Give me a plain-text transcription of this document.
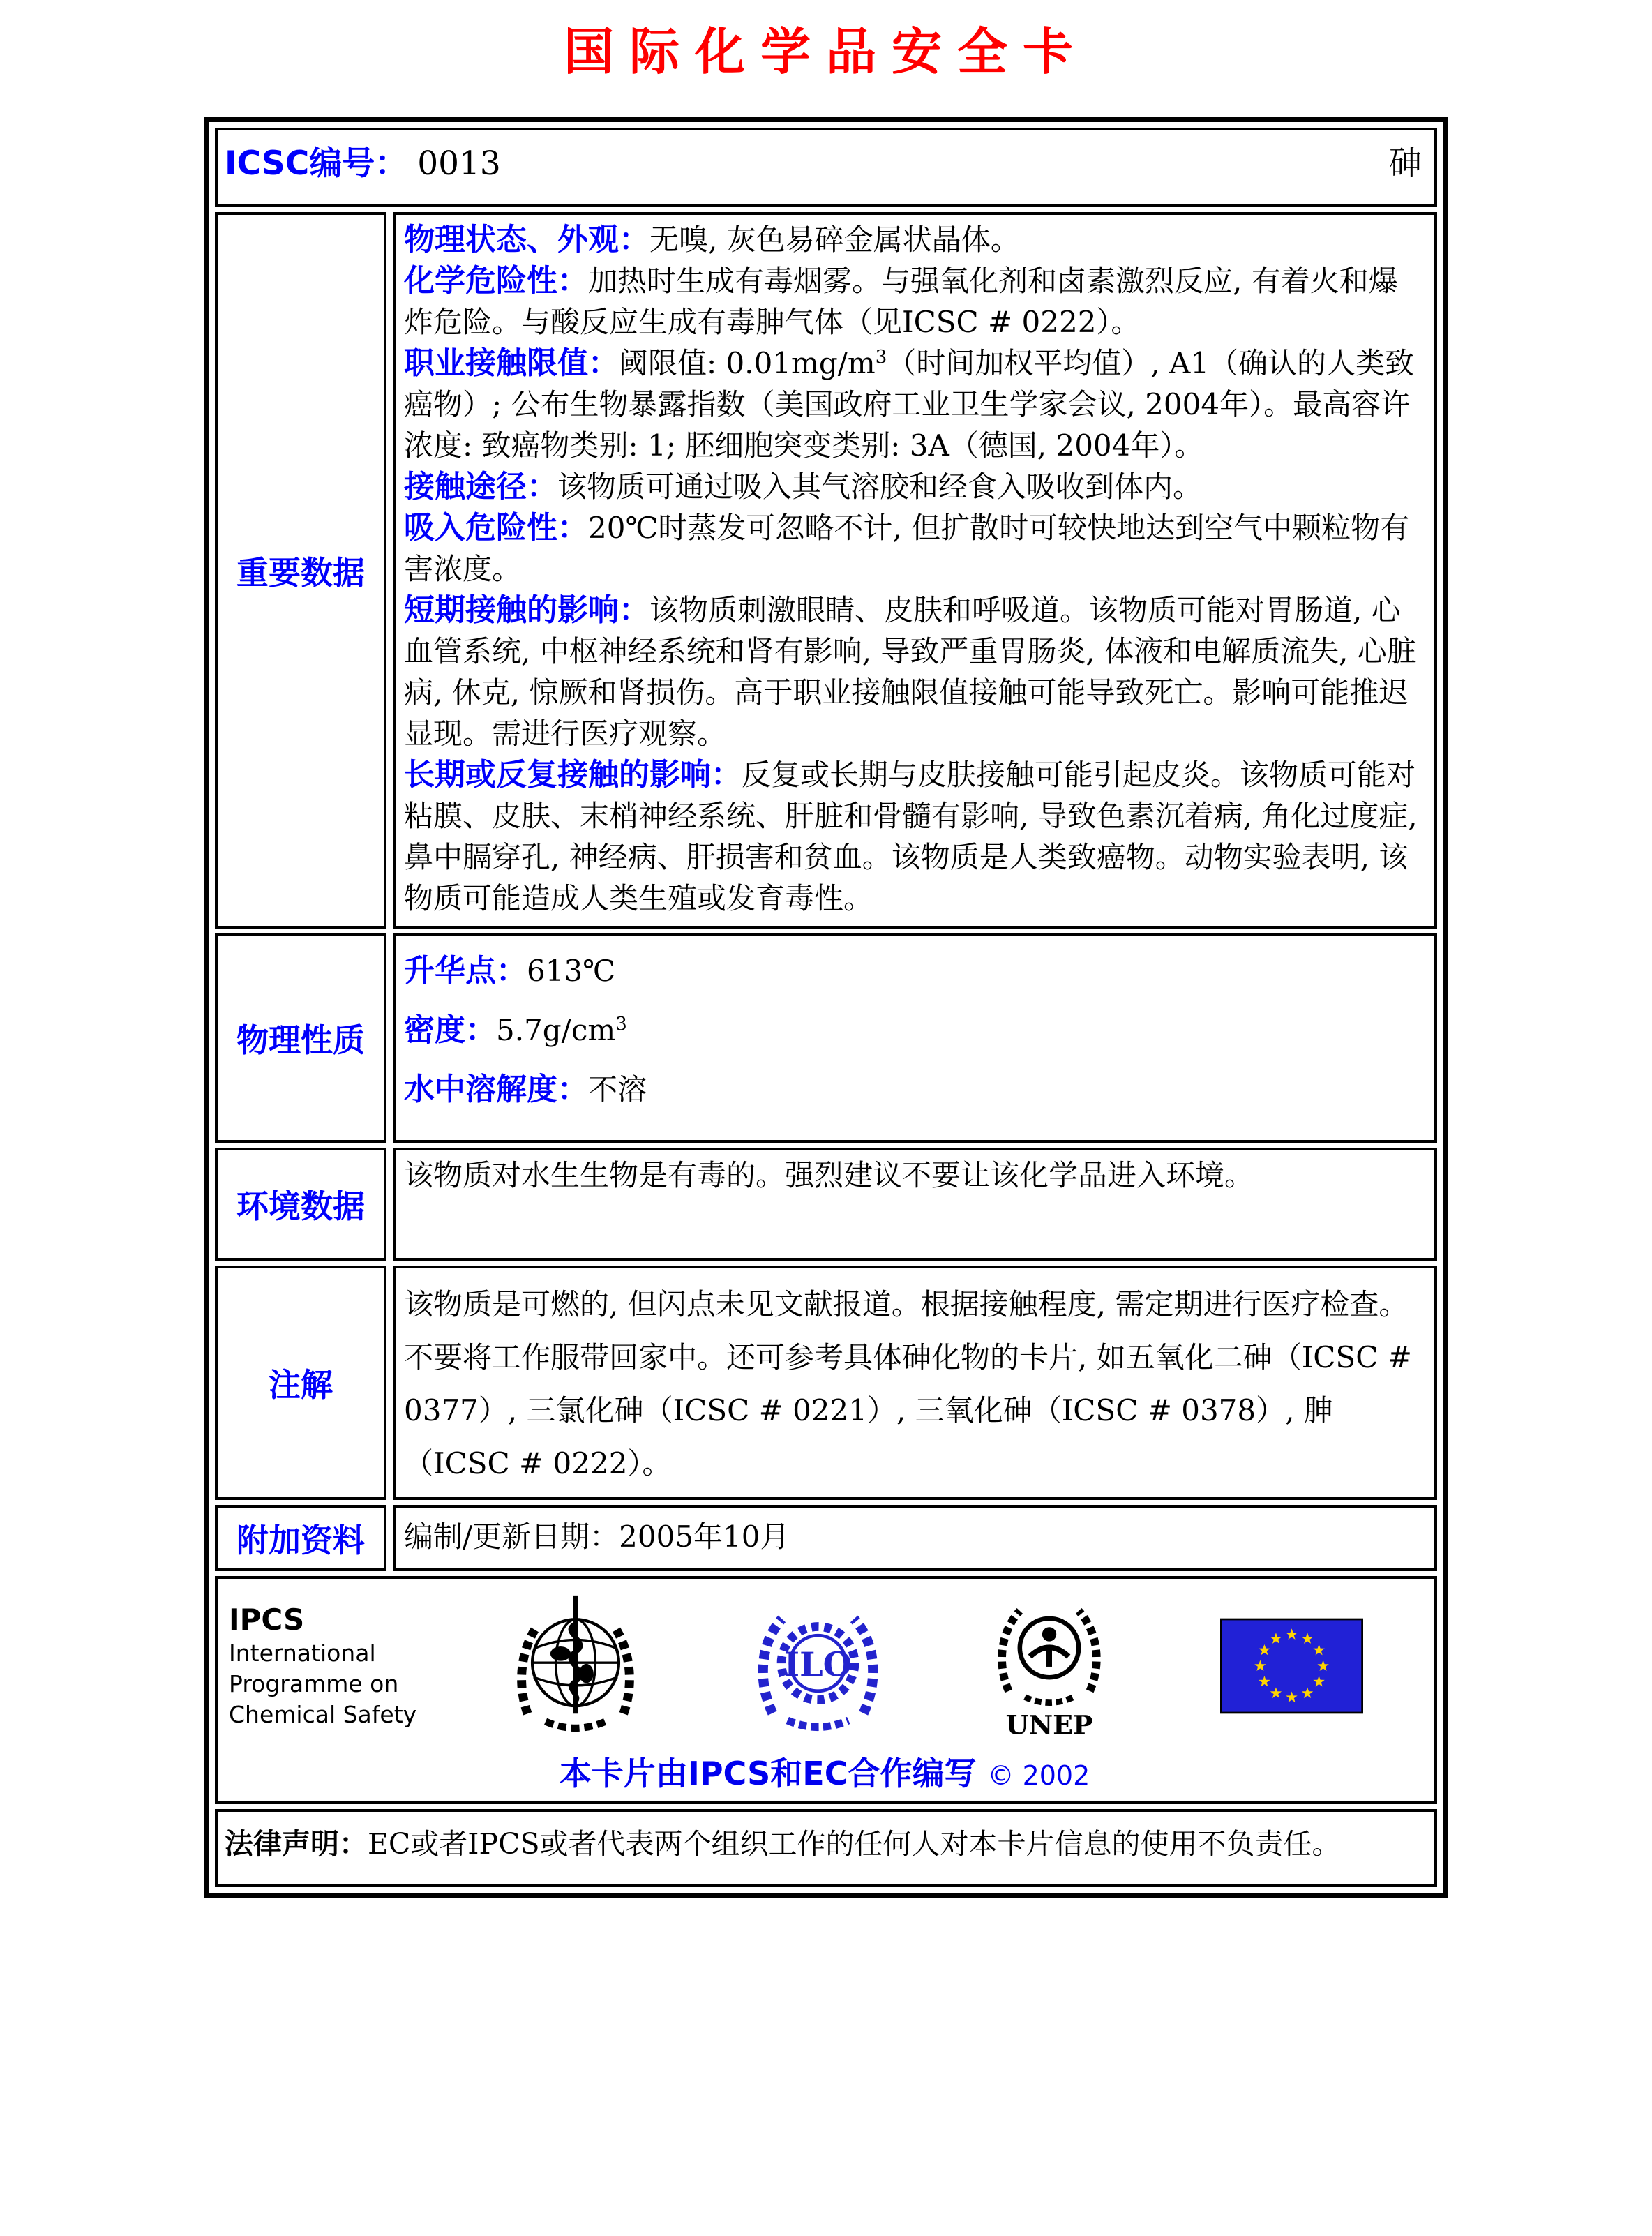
国际化学品安全卡
ICSC编号： 0013	砷
重要数据

物理状态、外观：无嗅, 灰色易碎金属状晶体。

化学危险性：加热时生成有毒烟雾。与强氧化剂和卤素激烈反应, 有着火和爆炸危险。与酸反应生成有毒胂气体（见ICSC # 0222）。

职业接触限值：阈限值: $0.01mg/m^3$（时间加权平均值）, A1（确认的人类致癌物）; 公布生物暴露指数（美国政府工业卫生学家会议, 2004年）。最高容许浓度: 致癌物类别: 1; 胚细胞突变类别: 3A（德国, 2004年）。

接触途径：该物质可通过吸入其气溶胶和经食入吸收到体内。

吸入危险性：20℃时蒸发可忽略不计, 但扩散时可较快地达到空气中颗粒物有害浓度。

短期接触的影响：该物质刺激眼睛、皮肤和呼吸道。该物质可能对胃肠道, 心血管系统, 中枢神经系统和肾有影响, 导致严重胃肠炎, 体液和电解质流失, 心脏病, 休克, 惊厥和肾损伤。高于职业接触限值接触可能导致死亡。影响可能推迟显现。需进行医疗观察。

长期或反复接触的影响：反复或长期与皮肤接触可能引起皮炎。该物质可能对粘膜、皮肤、末梢神经系统、肝脏和骨髓有影响, 导致色素沉着病, 角化过度症, 鼻中膈穿孔, 神经病、肝损害和贫血。该物质是人类致癌物。动物实验表明, 该物质可能造成人类生殖或发育毒性。

物理性质

升华点：613℃

密度：$5.7g/cm^3$

水中溶解度：不溶

环境数据

该物质对水生生物是有毒的。强烈建议不要让该化学品进入环境。

注解

该物质是可燃的, 但闪点未见文献报道。根据接触程度, 需定期进行医疗检查。不要将工作服带回家中。还可参考具体砷化物的卡片, 如五氧化二砷（ICSC # 0377）, 三氯化砷（ICSC # 0221）, 三氧化砷（ICSC # 0378）, 胂（ICSC # 0222）。

附加资料	编制/更新日期：2005年10月

IPCS
International
Programme on
Chemical Safety
ILO
UNEP
本卡片由IPCS和EC合作编写 © 2002
法律声明：EC或者IPCS或者代表两个组织工作的任何人对本卡片信息的使用不负责任。
